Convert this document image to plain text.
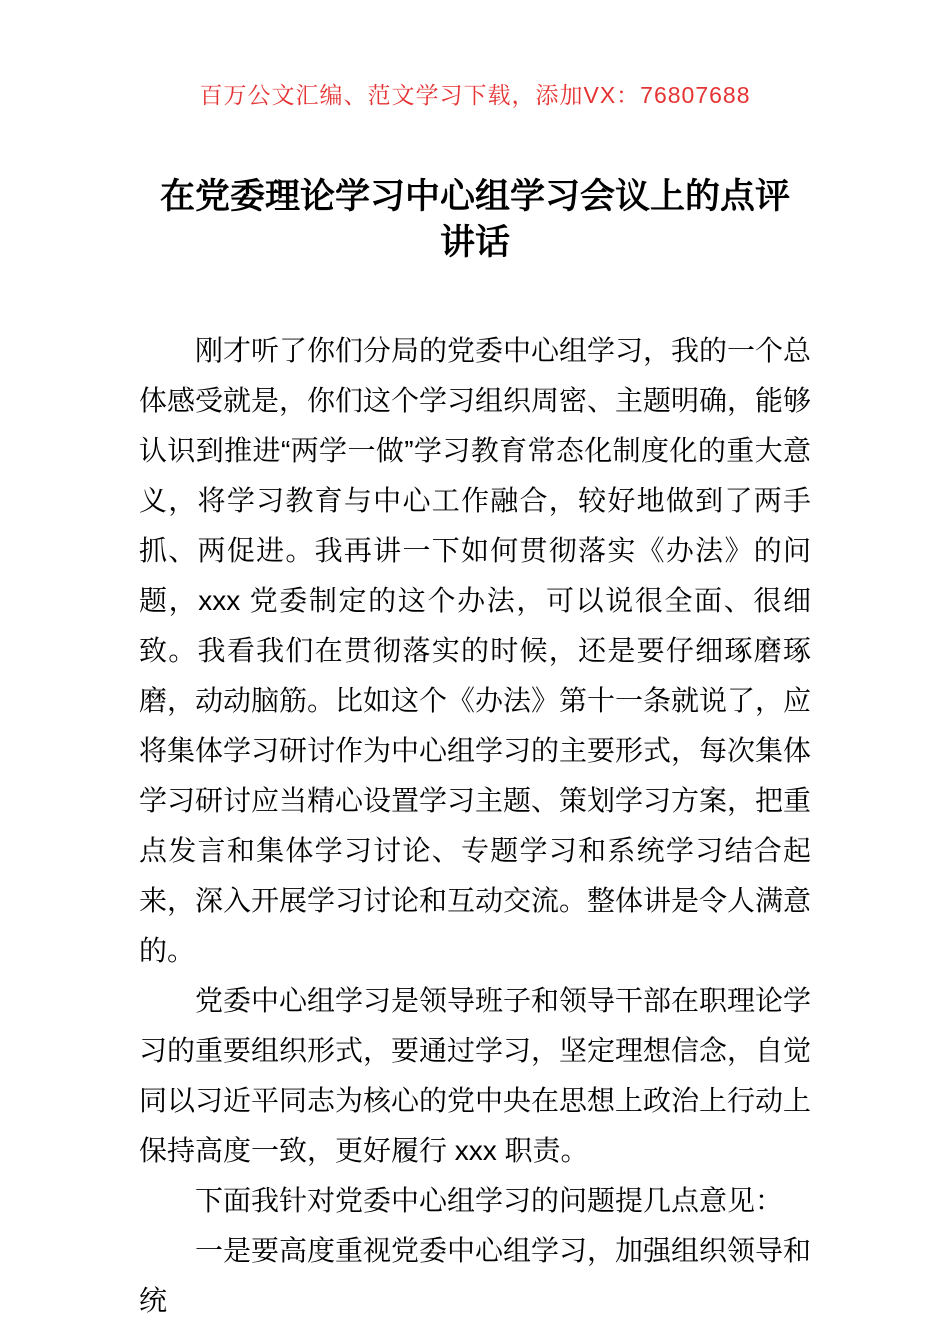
百万公文汇编、范文学习下载，添加VX：76807688
在党委理论学习中心组学习会议上的点评
讲话

刚才听了你们分局的党委中心组学习，我的一个总体感受就是，你们这个学习组织周密、主题明确，能够认识到推进“两学一做”学习教育常态化制度化的重大意义，将学习教育与中心工作融合，较好地做到了两手抓、两促进。我再讲一下如何贯彻落实《办法》的问题，xxx 党委制定的这个办法，可以说很全面、很细致。我看我们在贯彻落实的时候，还是要仔细琢磨琢磨，动动脑筋。比如这个《办法》第十一条就说了，应将集体学习研讨作为中心组学习的主要形式，每次集体学习研讨应当精心设置学习主题、策划学习方案，把重点发言和集体学习讨论、专题学习和系统学习结合起来，深入开展学习讨论和互动交流。整体讲是令人满意的。

党委中心组学习是领导班子和领导干部在职理论学习的重要组织形式，要通过学习，坚定理想信念，自觉同以习近平同志为核心的党中央在思想上政治上行动上保持高度一致，更好履行 xxx 职责。

下面我针对党委中心组学习的问题提几点意见：

一是要高度重视党委中心组学习，加强组织领导和统
